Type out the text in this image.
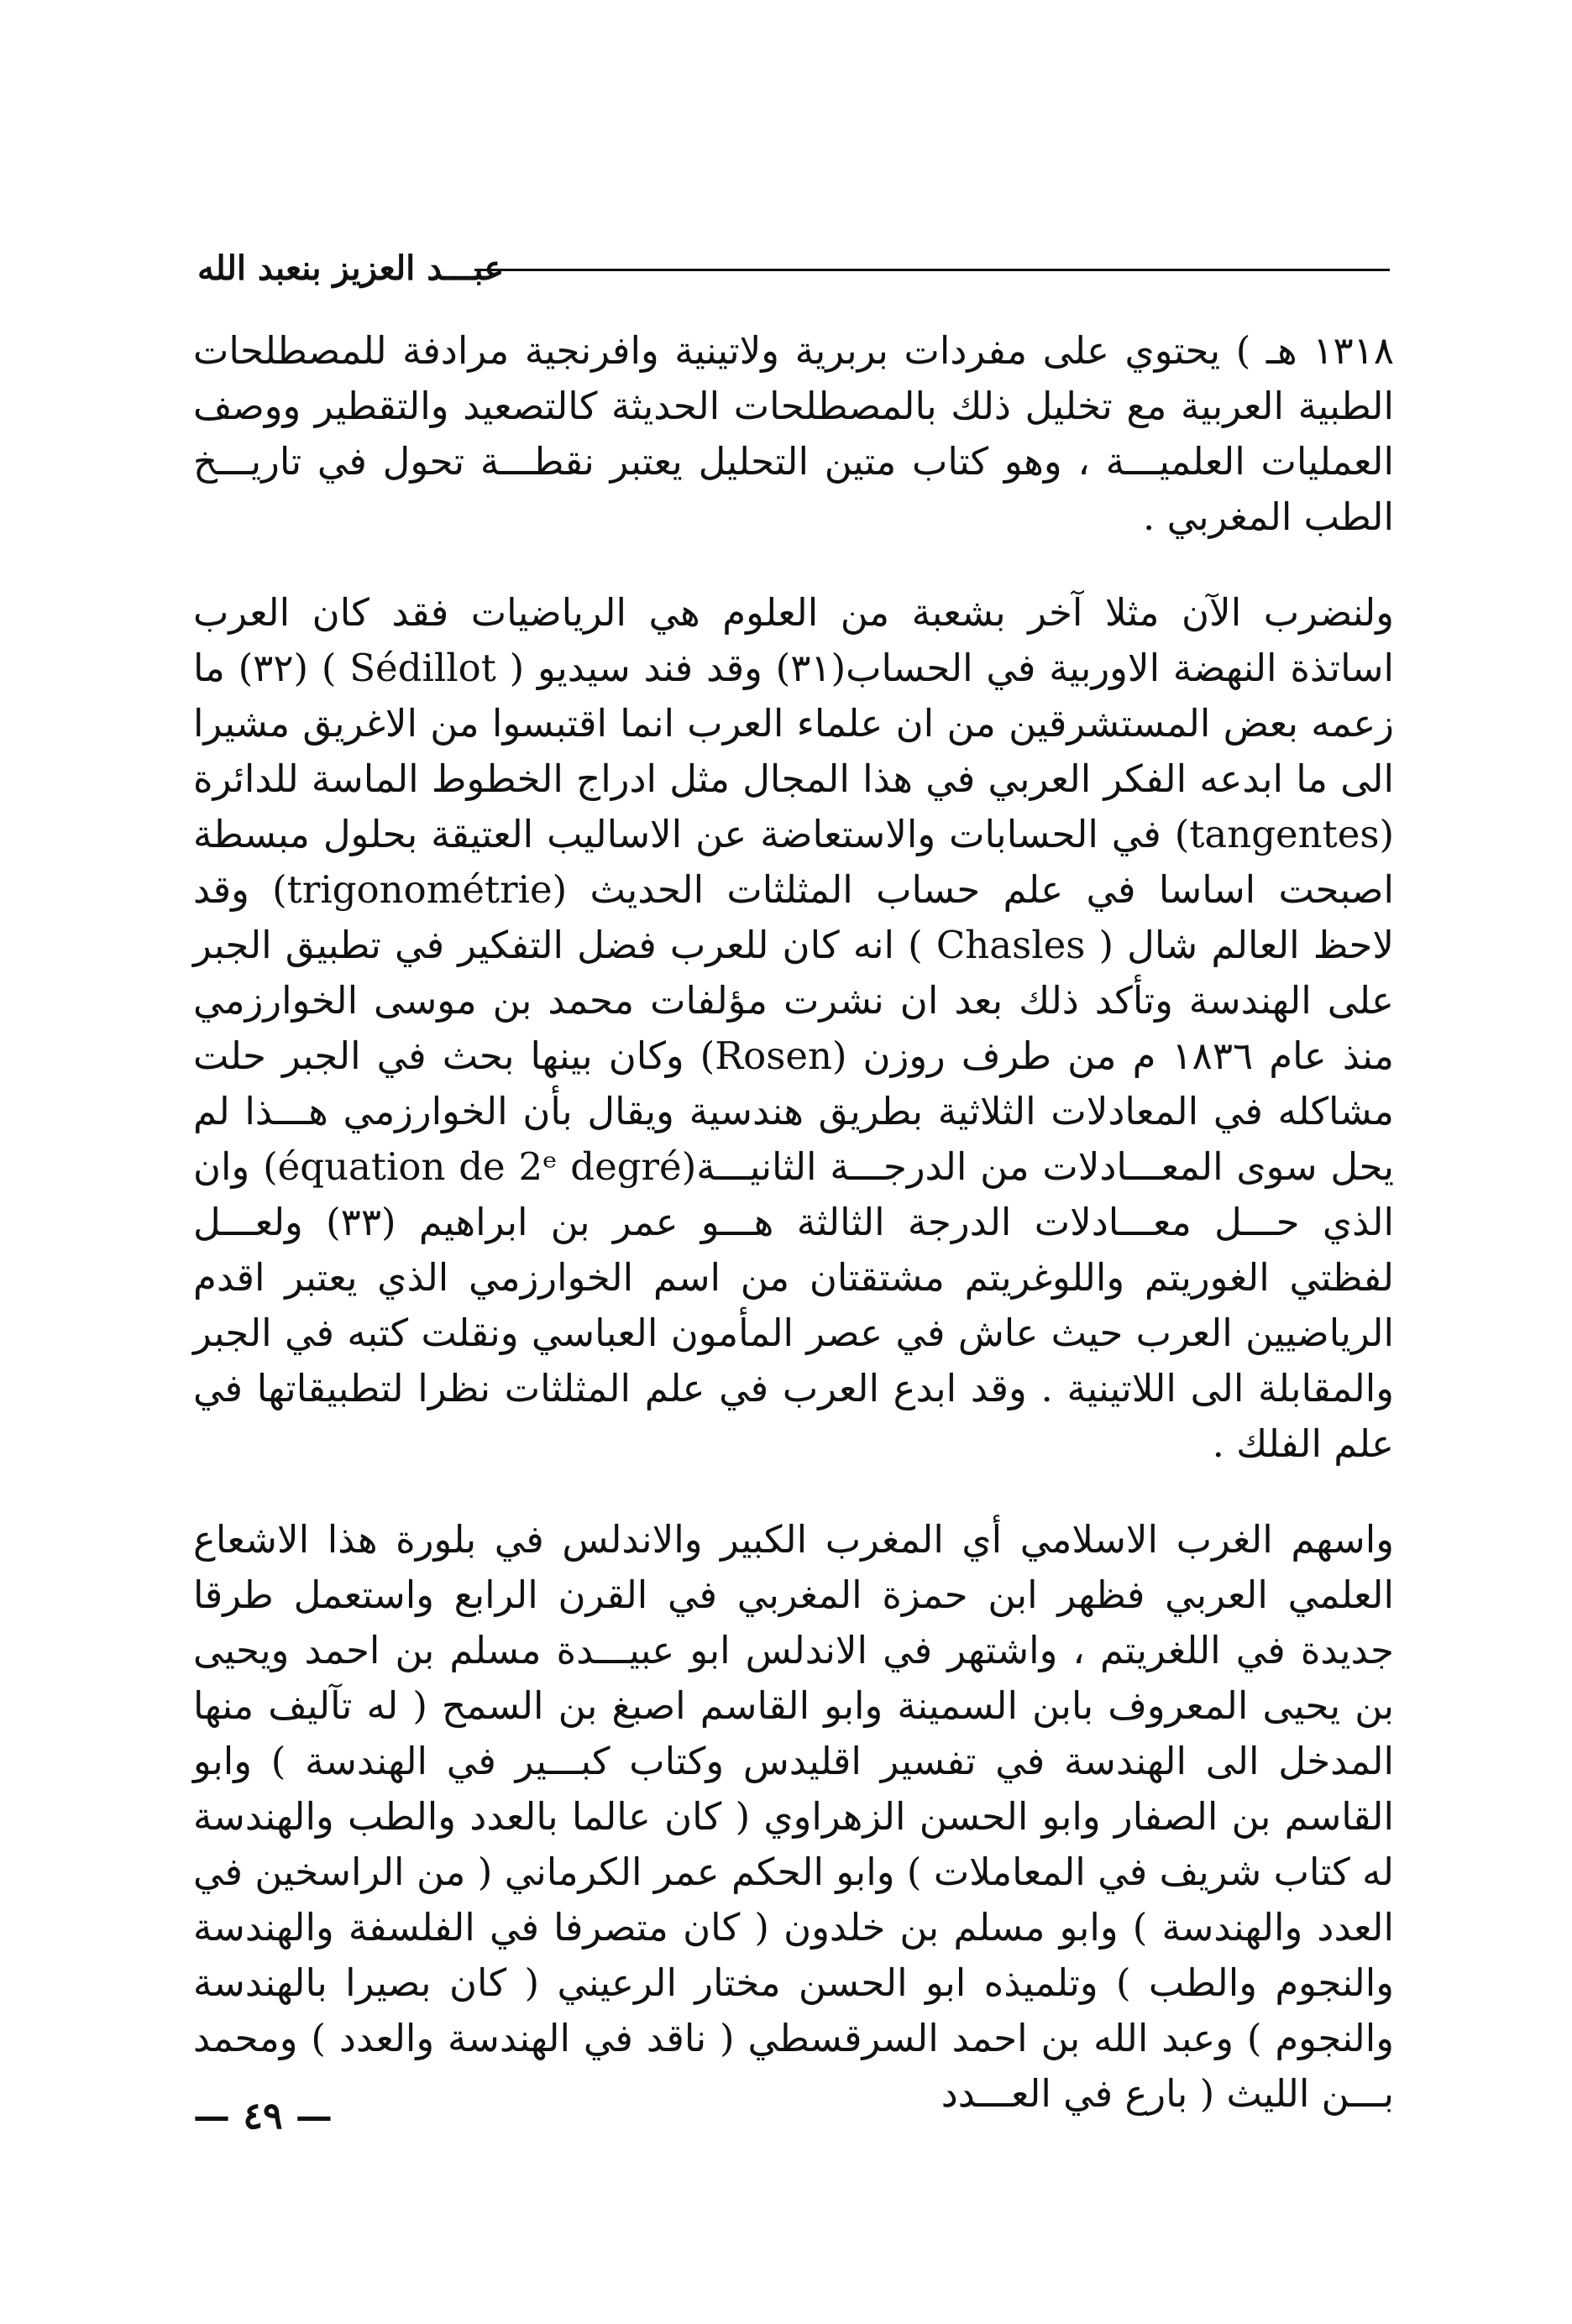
عبـــد العزيز بنعبد الله

١٣١٨ هـ ) يحتوي على مفردات بربرية ولاتينية وافرنجية مرادفة للمصطلحات الطبية العربية مع تخليل ذلك بالمصطلحات الحديثة كالتصعيد والتقطير ووصف العمليات العلميـــة ، وهو كتاب متين التحليل يعتبر نقطـــة تحول في تاريـــخ الطب المغربي .

ولنضرب الآن مثلا آخر بشعبة من العلوم هي الرياضيات فقد كان العرب اساتذة النهضة الاوربية في الحساب(٣١) وقد فند سيديو ( Sédillot ) (٣٢) ما زعمه بعض المستشرقين من ان علماء العرب انما اقتبسوا من الاغريق مشيرا الى ما ابدعه الفكر العربي في هذا المجال مثل ادراج الخطوط الماسة للدائرة (tangentes) في الحسابات والاستعاضة عن الاساليب العتيقة بحلول مبسطة اصبحت اساسا في علم حساب المثلثات الحديث (trigonométrie) وقد لاحظ العالم شال ( Chasles ) انه كان للعرب فضل التفكير في تطبيق الجبر على الهندسة وتأكد ذلك بعد ان نشرت مؤلفات محمد بن موسى الخوارزمي منذ عام ١٨٣٦ م من طرف روزن (Rosen) وكان بينها بحث في الجبر حلت مشاكله في المعادلات الثلاثية بطريق هندسية ويقال بأن الخوارزمي هـــذا لم يحل سوى المعـــادلات من الدرجـــة الثانيـــة(équation de 2ᵉ degré) وان الذي حـــل معـــادلات الدرجة الثالثة هـــو عمر بن ابراهيم (٣٣) ولعـــل لفظتي الغوريتم واللوغريتم مشتقتان من اسم الخوارزمي الذي يعتبر اقدم الرياضيين العرب حيث عاش في عصر المأمون العباسي ونقلت كتبه في الجبر والمقابلة الى اللاتينية . وقد ابدع العرب في علم المثلثات نظرا لتطبيقاتها في علم الفلك .

واسهم الغرب الاسلامي أي المغرب الكبير والاندلس في بلورة هذا الاشعاع العلمي العربي فظهر ابن حمزة المغربي في القرن الرابع واستعمل طرقا جديدة في اللغريتم ، واشتهر في الاندلس ابو عبيـــدة مسلم بن احمد ويحيى بن يحيى المعروف بابن السمينة وابو القاسم اصبغ بن السمح ( له تآليف منها المدخل الى الهندسة في تفسير اقليدس وكتاب كبـــير في الهندسة ) وابو القاسم بن الصفار وابو الحسن الزهراوي ( كان عالما بالعدد والطب والهندسة له كتاب شريف في المعاملات ) وابو الحكم عمر الكرماني ( من الراسخين في العدد والهندسة ) وابو مسلم بن خلدون ( كان متصرفا في الفلسفة والهندسة والنجوم والطب ) وتلميذه ابو الحسن مختار الرعيني ( كان بصيرا بالهندسة والنجوم ) وعبد الله بن احمد السرقسطي ( ناقد في الهندسة والعدد ) ومحمد بـــن الليث ( بارع في العـــدد

— ٤٩ —
